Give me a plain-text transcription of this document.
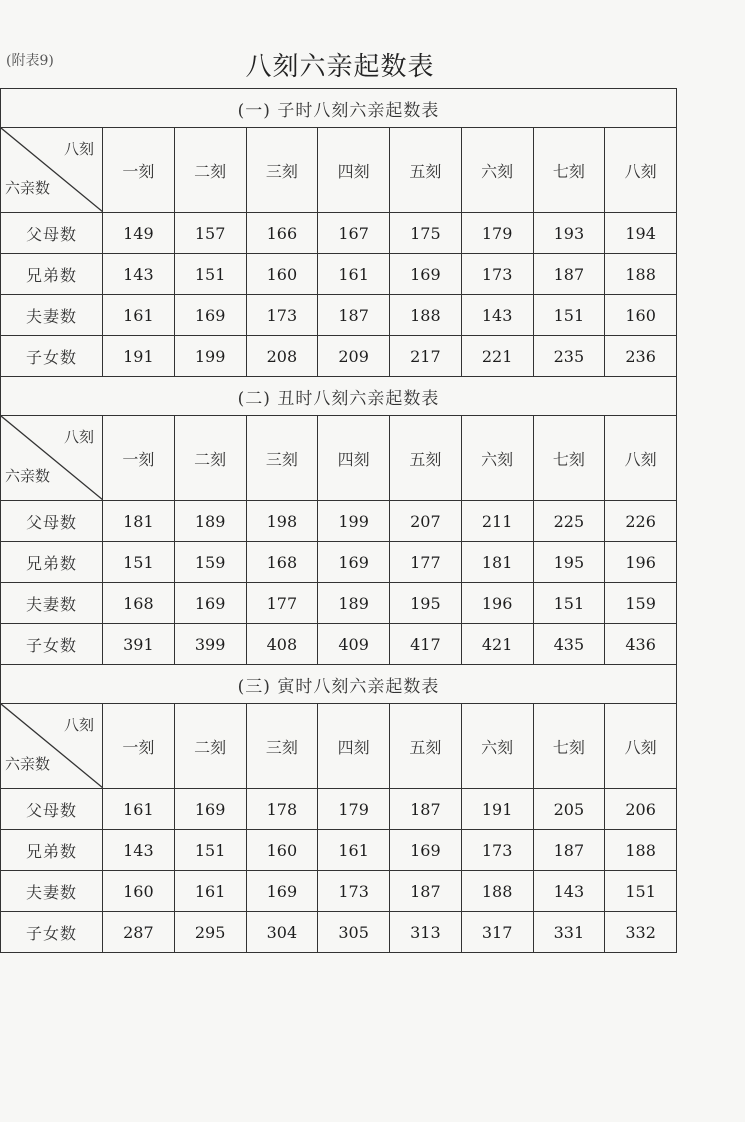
(附表9)	八刻六亲起数表
(一) 子时八刻六亲起数表								

八刻
六亲数	一刻	二刻	三刻	四刻	五刻	六刻	七刻	八刻
父母数	149	157	166	167	175	179	193	194
兄弟数	143	151	160	161	169	173	187	188
夫妻数	161	169	173	187	188	143	151	160
子女数	191	199	208	209	217	221	235	236
(二) 丑时八刻六亲起数表								

八刻
六亲数	一刻	二刻	三刻	四刻	五刻	六刻	七刻	八刻
父母数	181	189	198	199	207	211	225	226
兄弟数	151	159	168	169	177	181	195	196
夫妻数	168	169	177	189	195	196	151	159
子女数	391	399	408	409	417	421	435	436
(三) 寅时八刻六亲起数表								

八刻
六亲数	一刻	二刻	三刻	四刻	五刻	六刻	七刻	八刻
父母数	161	169	178	179	187	191	205	206
兄弟数	143	151	160	161	169	173	187	188
夫妻数	160	161	169	173	187	188	143	151
子女数	287	295	304	305	313	317	331	332
